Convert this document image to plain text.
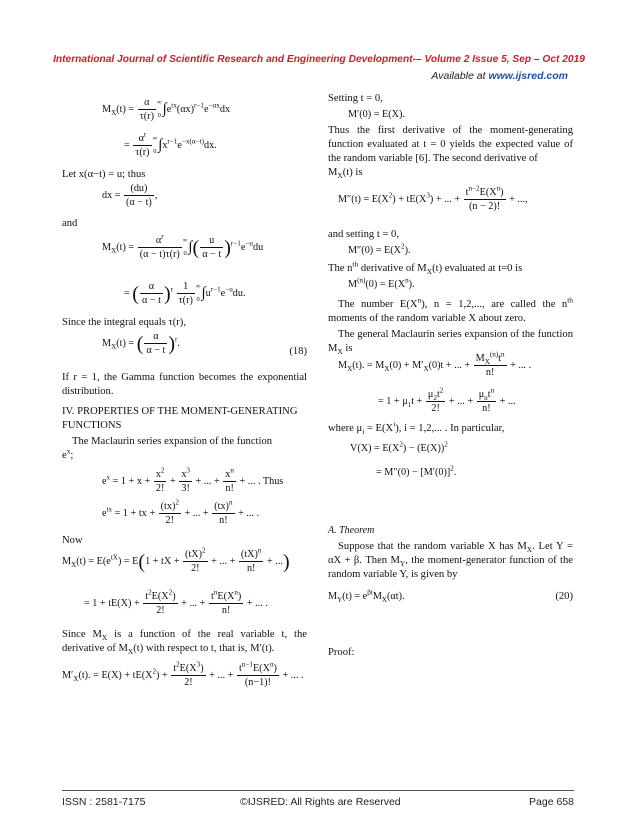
International Journal of Scientific Research and Engineering Development-– Volume 2 Issue 5, Sep – Oct 2019
Available at www.ijsred.com
$M_X(t) = \frac{\alpha}{\tau(r)}$ ∞

0 $\int e^{tx}(\alpha x)^{r-1}e^{-\alpha x}dx$
= $\frac{\alpha^r}{\tau(r)}$ ∞

0 $\int x^{r-1}e^{-x(\alpha-t)}dx$.
Let x(α−t) = u; thus
dx = $\frac{(du)}{(\alpha - t)}$ ,
and
$M_X(t) = \frac{\alpha^r}{(\alpha - t)\tau(r)}$ ∞

0 ∫( $\frac{u}{\alpha - t} )^{r-1}e^{-u}du$
= ( $\frac{\alpha}{\alpha - t} )^r \frac{1}{\tau(r)}$ ∞

0 $\int u^{r-1}e^{-u}du$.
Since the integral equals τ(r),
$M_X(t)$ = ( $\frac{\alpha}{\alpha - t} )^r$.
(18)
If r = 1, the Gamma function becomes the exponential distribution.
IV. PROPERTIES OF THE MOMENT-GENERATING FUNCTIONS
The Maclaurin series expansion of the function
$e^x$;
$e^x = 1 + x + \frac{x^2}{2!} + \frac{x^3}{3!}$ + ... + $\frac{x^n}{n!}$ + ... . Thus
$e^{tx} = 1$ + tx + $\frac{(tx)^2}{2!}$ + ... + $\frac{(tx)^n}{n!}$ + ... .
Now
$M_X(t) = E(e^{tX}) = E(1$ + tX + $\frac{(tX)^2}{2!}$ + ... + $\frac{(tX)^n}{n!}$ + ...)
= $1 + tE(X) + \frac{t^2E(X^2)}{2!}$ + ... + $\frac{t^nE(X^n)}{n!}$ + ... .
Since $M_X$ is a function of the real variable t, the derivative of $M_X(t)$ with respect to t, that is, M′(t).
$M'_X(t)$. = $E(X) + tE(X^2) + \frac{t^2E(X^3)}{2!}$ + ... + $\frac{t^{n-1}E(X^n)}{(n-1)!}$ + ... .
Setting t = 0,
M′(0) = E(X).
Thus the first derivative of the moment-generating function evaluated at t = 0 yields the expected value of the random variable [6]. The second derivative of
$M_X(t)$ is
$M''(t) = E(X^2) + tE(X^3)$ + ... + $\frac{t^{n-2}E(X^n)}{(n - 2)!}$ + ...,
and setting t = 0,
$M''(0) = E(X^2)$.
The $n^{th}$ derivative of $M_X(t)$ evaluated at t=0 is
$M^{(n)}(0) = E(X^n)$.
The number $E(X^n)$, n = 1,2,..., are called the $n^{th}$ moments of the random variable X about zero.
The general Maclaurin series expansion of the function $M_X$ is
$M_X(t)$. = $M_X(0) + M'_X(0)t$ + ... + $\frac{M_X^{(n)}t^n}{n!}$ + ... .
= $1 + \mu_1t + \frac{\mu_2t^2}{2!}$ + ... + $\frac{\mu_nt^n}{n!}$ + ...
where $\mu_i = E(X^i)$, i = 1,2,... . In particular,
$V(X) = E(X^2) - (E(X))^2$
= $M''(0) - [M'(0)]^2$.
A. Theorem
Suppose that the random variable X has $M_X$. Let Y = αX + β. Then $M_Y$, the moment-generator function of the random variable Y, is given by
$M_Y(t) = e^{\beta t}M_X(\alpha t)$.	(20)
Proof:
ISSN : 2581-7175	©IJSRED: All Rights are Reserved	Page 658
